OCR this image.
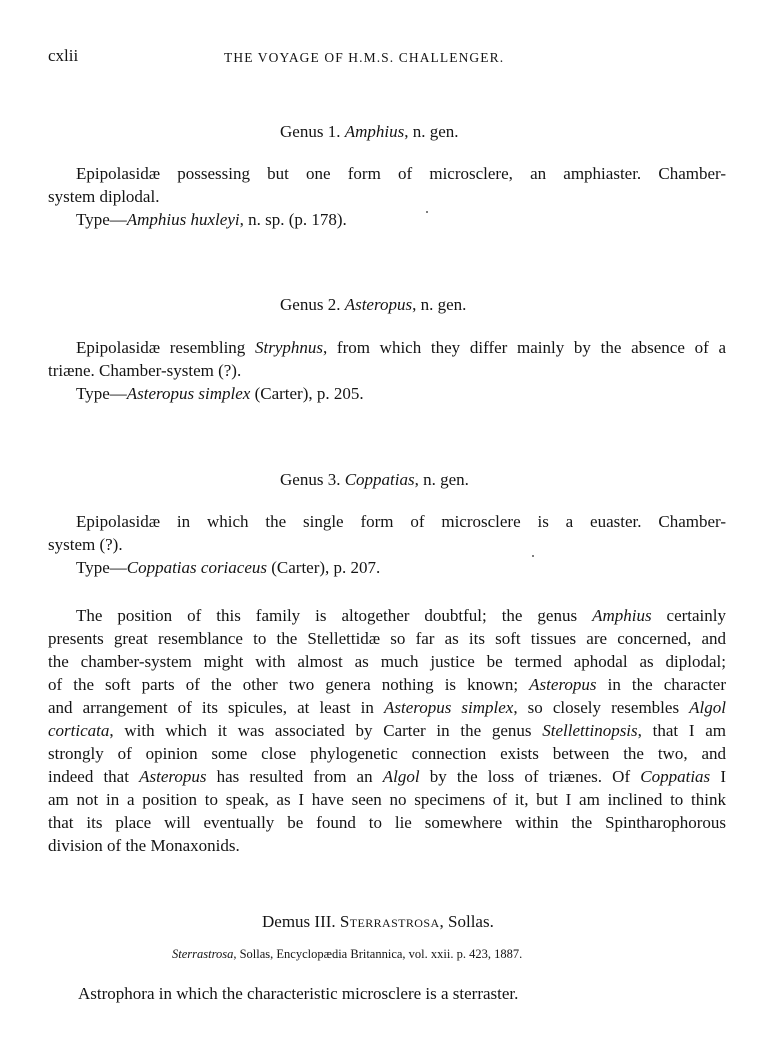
cxlii	THE VOYAGE OF H.M.S. CHALLENGER.
Genus 1. Amphius, n. gen.
Epipolasidæ possessing but one form of microsclere, an amphiaster. Chamber-
system diplodal.
Type—Amphius huxleyi, n. sp. (p. 178).
Genus 2. Asteropus, n. gen.
Epipolasidæ resembling Stryphnus, from which they differ mainly by the absence of a
triæne. Chamber-system (?).
Type—Asteropus simplex (Carter), p. 205.
Genus 3. Coppatias, n. gen.
Epipolasidæ in which the single form of microsclere is a euaster. Chamber-
system (?).
Type—Coppatias coriaceus (Carter), p. 207.
The position of this family is altogether doubtful; the genus Amphius certainly
presents great resemblance to the Stellettidæ so far as its soft tissues are concerned, and
the chamber-system might with almost as much justice be termed aphodal as diplodal;
of the soft parts of the other two genera nothing is known; Asteropus in the character
and arrangement of its spicules, at least in Asteropus simplex, so closely resembles Algol
corticata, with which it was associated by Carter in the genus Stellettinopsis, that I am
strongly of opinion some close phylogenetic connection exists between the two, and
indeed that Asteropus has resulted from an Algol by the loss of triænes. Of Coppatias I
am not in a position to speak, as I have seen no specimens of it, but I am inclined to think
that its place will eventually be found to lie somewhere within the Spintharophorous
division of the Monaxonids.
Demus III. Sterrastrosa, Sollas.
Sterrastrosa, Sollas, Encyclopædia Britannica, vol. xxii. p. 423, 1887.
Astrophora in which the characteristic microsclere is a sterraster.
